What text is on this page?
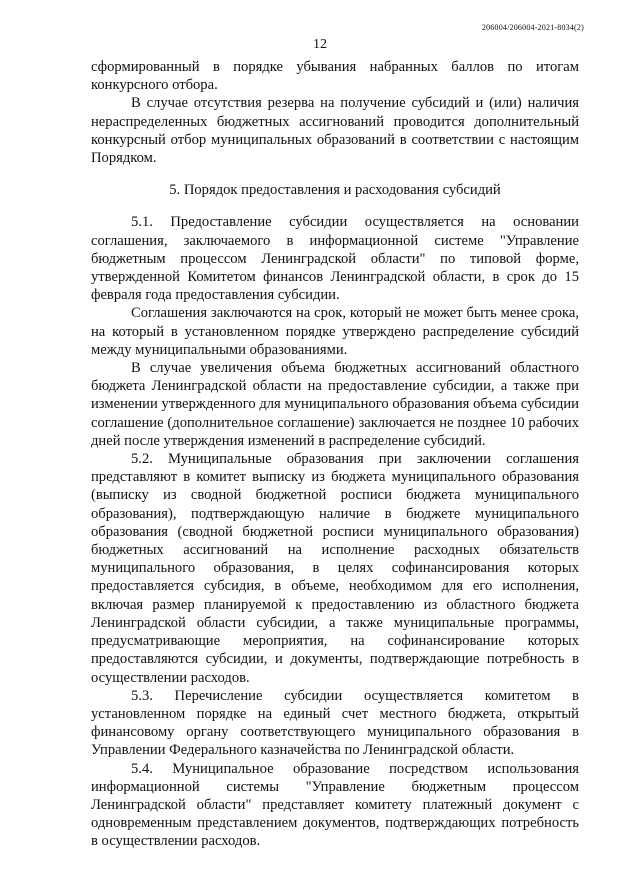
206004/206004-2021-8034(2)
12

сформированный в порядке убывания набранных баллов по итогам конкурсного отбора.

В случае отсутствия резерва на получение субсидий и (или) наличия нераспределенных бюджетных ассигнований проводится дополнительный конкурсный отбор муниципальных образований в соответствии с настоящим Порядком.

5. Порядок предоставления и расходования субсидий

5.1. Предоставление субсидии осуществляется на основании соглашения, заключаемого в информационной системе "Управление бюджетным процессом Ленинградской области" по типовой форме, утвержденной Комитетом финансов Ленинградской области, в срок до 15 февраля года предоставления субсидии.

Соглашения заключаются на срок, который не может быть менее срока, на который в установленном порядке утверждено распределение субсидий между муниципальными образованиями.

В случае увеличения объема бюджетных ассигнований областного бюджета Ленинградской области на предоставление субсидии, а также при изменении утвержденного для муниципального образования объема субсидии соглашение (дополнительное соглашение) заключается не позднее 10 рабочих дней после утверждения изменений в распределение субсидий.

5.2. Муниципальные образования при заключении соглашения представляют в комитет выписку из бюджета муниципального образования (выписку из сводной бюджетной росписи бюджета муниципального образования), подтверждающую наличие в бюджете муниципального образования (сводной бюджетной росписи муниципального образования) бюджетных ассигнований на исполнение расходных обязательств муниципального образования, в целях софинансирования которых предоставляется субсидия, в объеме, необходимом для его исполнения, включая размер планируемой к предоставлению из областного бюджета Ленинградской области субсидии, а также муниципальные программы, предусматривающие мероприятия, на софинансирование которых предоставляются субсидии, и документы, подтверждающие потребность в осуществлении расходов.

5.3. Перечисление субсидии осуществляется комитетом в установленном порядке на единый счет местного бюджета, открытый финансовому органу соответствующего муниципального образования в Управлении Федерального казначейства по Ленинградской области.

5.4. Муниципальное образование посредством использования информационной системы "Управление бюджетным процессом Ленинградской области" представляет комитету платежный документ с одновременным представлением документов, подтверждающих потребность в осуществлении расходов.
